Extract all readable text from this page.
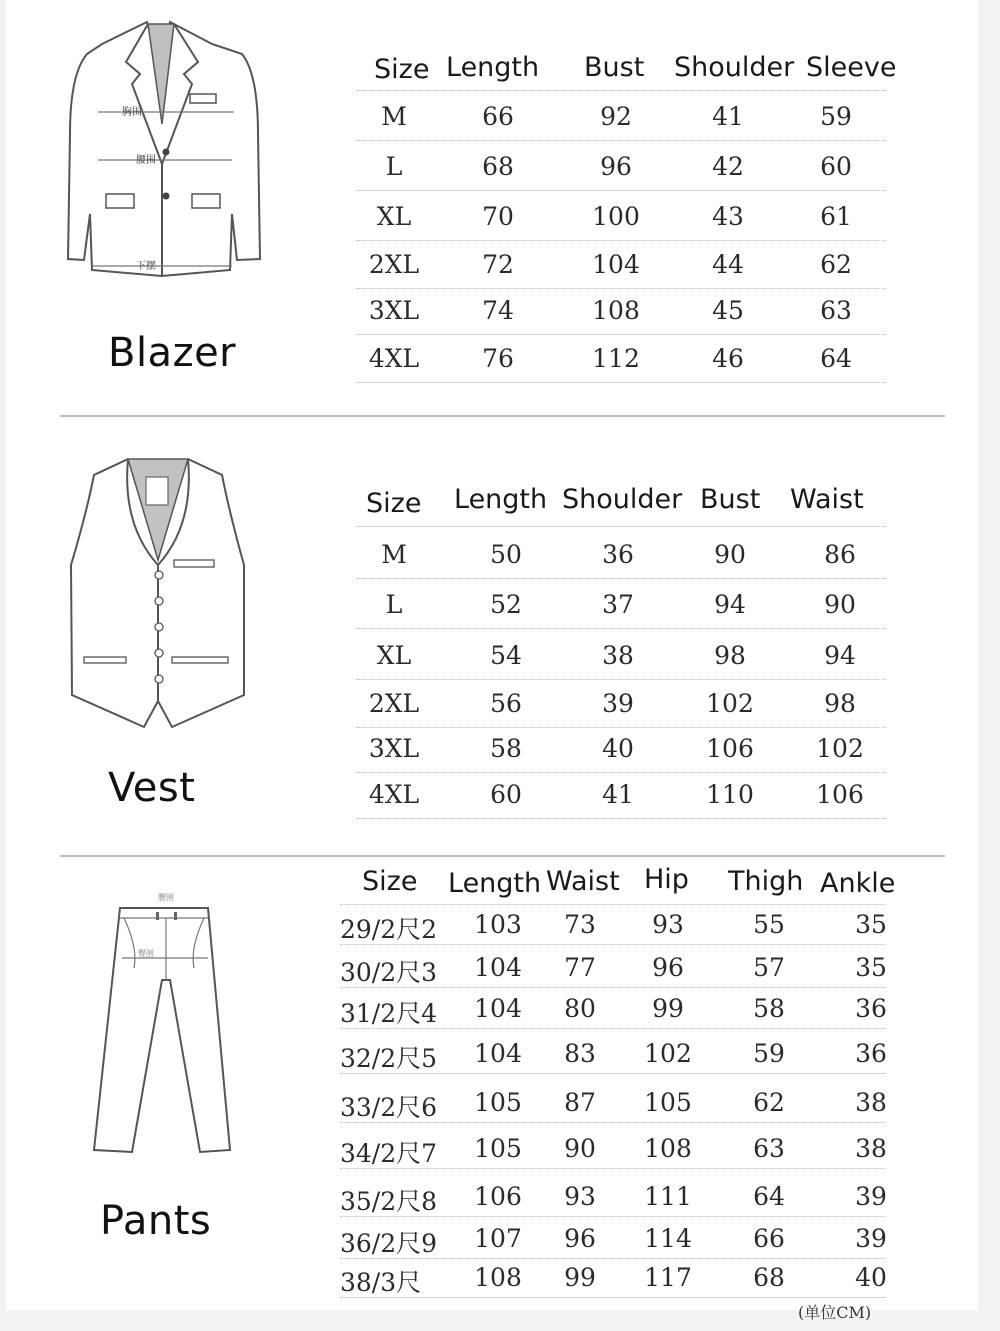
胸围
腰围
下摆
Blazer
Size Length Bust Shoulder Sleeve
M	66	92	41	59
L	68	96	42	60
XL	70	100	43	61
2XL	72	104	44	62
3XL	74	108	45	63
4XL	76	112	46	64
Vest
Size Length Shoulder Bust Waist
M	50	36	90	86
L	52	37	94	90
XL	54	38	98	94
2XL	56	39	102	98
3XL	58	40	106 102
4XL	60	41	110 106
腰围
臀围
Pants
Size Length Waist Hip Thigh Ankle
29/2尺2 103 73 93	55	35
30/2尺3 104 77 96	57	35
31/2尺4 104 80 99	58	36
32/2尺5 104 83 102 59	36
33/2尺6 105 87 105 62	38
34/2尺7 105 90 108 63	38
35/2尺8 106 93 111 64	39
36/2尺9 107 96 114 66	39
38/3尺 108 99 117 68	40
(单位CM)
